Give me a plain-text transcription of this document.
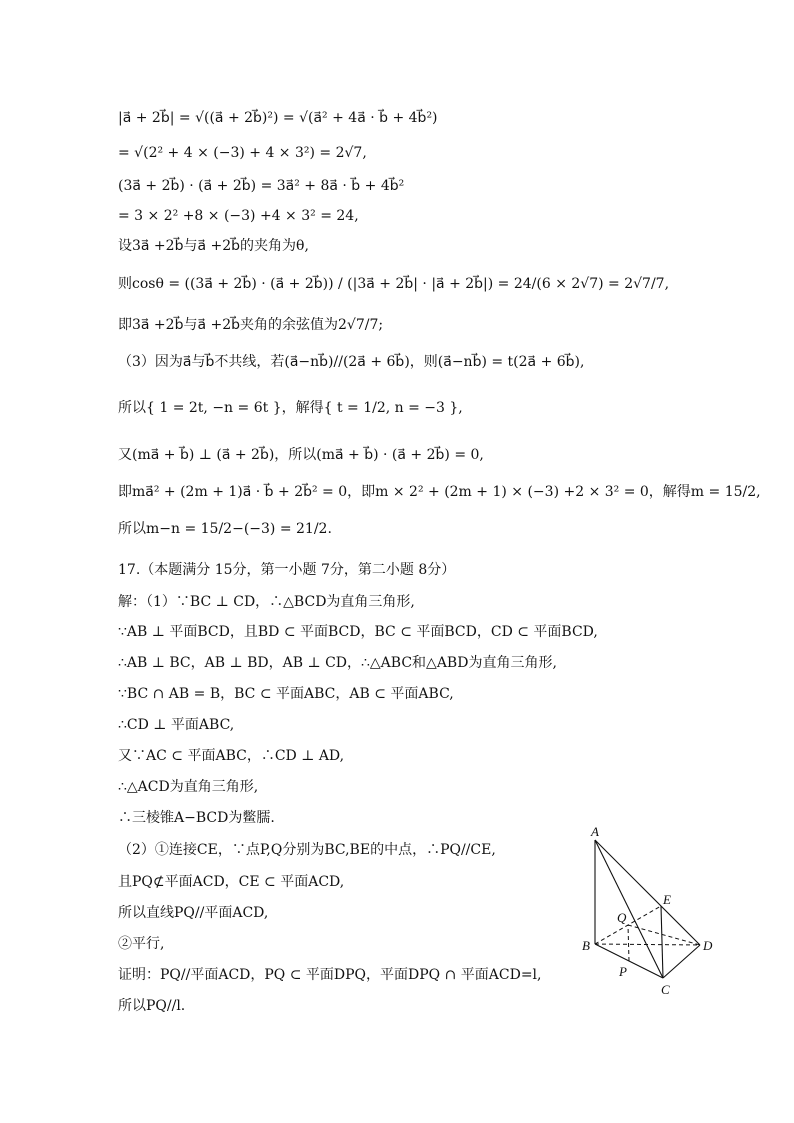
|a⃗ + 2b⃗| = √((a⃗ + 2b⃗)²) = √(a⃗² + 4a⃗ · b⃗ + 4b⃗²)
= √(2² + 4 × (−3) + 4 × 3²) = 2√7,
(3a⃗ + 2b⃗) · (a⃗ + 2b⃗) = 3a⃗² + 8a⃗ · b⃗ + 4b⃗²
= 3 × 2² +8 × (−3) +4 × 3² = 24,
设3a⃗ +2b⃗与a⃗ +2b⃗的夹角为θ,
则cosθ = ((3a⃗ + 2b⃗) · (a⃗ + 2b⃗)) / (|3a⃗ + 2b⃗| · |a⃗ + 2b⃗|) = 24/(6 × 2√7) = 2√7/7,
即3a⃗ +2b⃗与a⃗ +2b⃗夹角的余弦值为2√7/7;
（3）因为a⃗与b⃗不共线，若(a⃗−nb⃗)//(2a⃗ + 6b⃗)，则(a⃗−nb⃗) = t(2a⃗ + 6b⃗),
所以{ 1 = 2t, −n = 6t }，解得{ t = 1/2, n = −3 },
又(ma⃗ + b⃗) ⊥ (a⃗ + 2b⃗)，所以(ma⃗ + b⃗) · (a⃗ + 2b⃗) = 0,
即ma⃗² + (2m + 1)a⃗ · b⃗ + 2b⃗² = 0，即m × 2² + (2m + 1) × (−3) +2 × 3² = 0，解得m = 15/2,
所以m−n = 15/2−(−3) = 21/2.
17.（本题满分 15分，第一小题 7分，第二小题 8分）
解：（1）∵BC ⊥ CD，∴△BCD为直角三角形,
∵AB ⊥ 平面BCD，且BD ⊂ 平面BCD，BC ⊂ 平面BCD，CD ⊂ 平面BCD,
∴AB ⊥ BC，AB ⊥ BD，AB ⊥ CD，∴△ABC和△ABD为直角三角形,
∵BC ∩ AB = B，BC ⊂ 平面ABC，AB ⊂ 平面ABC,
∴CD ⊥ 平面ABC,
又∵AC ⊂ 平面ABC，∴CD ⊥ AD,
∴△ACD为直角三角形,
∴三棱锥A−BCD为鳖臑.
（2）①连接CE，∵点P,Q分别为BC,BE的中点，∴PQ//CE,
且PQ⊄平面ACD，CE ⊂ 平面ACD,
所以直线PQ//平面ACD,
②平行,
证明：PQ//平面ACD，PQ ⊂ 平面DPQ，平面DPQ ∩ 平面ACD=l,
所以PQ//l.
A
E
Q
B	D
P
C
